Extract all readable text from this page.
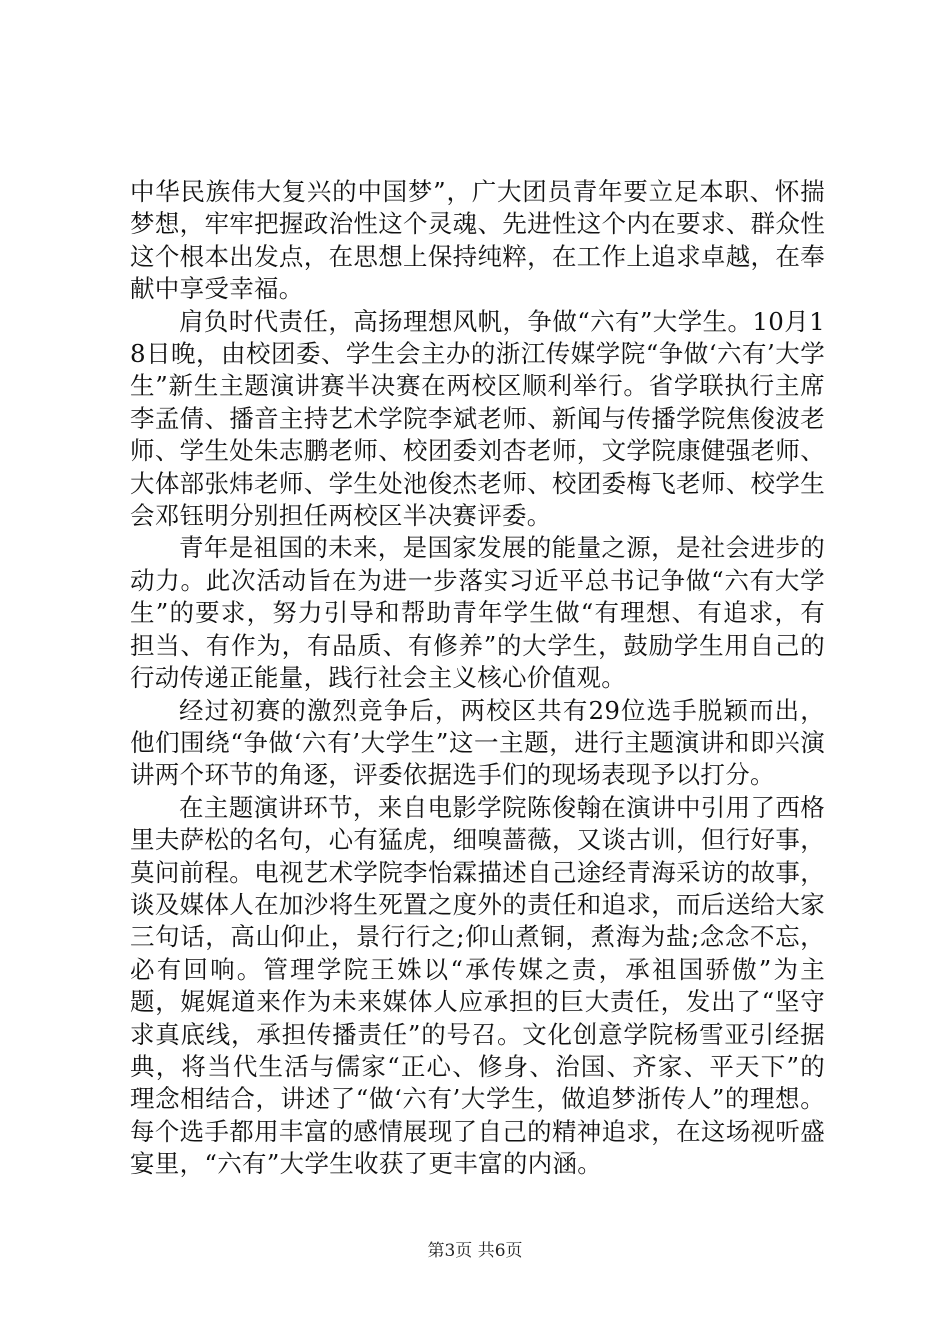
中华民族伟大复兴的中国梦”，广大团员青年要立足本职、怀揣梦想，牢牢把握政治性这个灵魂、先进性这个内在要求、群众性这个根本出发点，在思想上保持纯粹，在工作上追求卓越，在奉献中享受幸福。

肩负时代责任，高扬理想风帆，争做“六有”大学生。10月18日晚，由校团委、学生会主办的浙江传媒学院“争做‘六有’大学生”新生主题演讲赛半决赛在两校区顺利举行。省学联执行主席李孟倩、播音主持艺术学院李斌老师、新闻与传播学院焦俊波老师、学生处朱志鹏老师、校团委刘杏老师，文学院康健强老师、大体部张炜老师、学生处池俊杰老师、校团委梅飞老师、校学生会邓钰明分别担任两校区半决赛评委。

青年是祖国的未来，是国家发展的能量之源，是社会进步的动力。此次活动旨在为进一步落实习近平总书记争做“六有大学生”的要求，努力引导和帮助青年学生做“有理想、有追求，有担当、有作为，有品质、有修养”的大学生，鼓励学生用自己的行动传递正能量，践行社会主义核心价值观。

经过初赛的激烈竞争后，两校区共有29位选手脱颖而出，他们围绕“争做‘六有’大学生”这一主题，进行主题演讲和即兴演讲两个环节的角逐，评委依据选手们的现场表现予以打分。

在主题演讲环节，来自电影学院陈俊翰在演讲中引用了西格里夫萨松的名句，心有猛虎，细嗅蔷薇，又谈古训，但行好事，莫问前程。电视艺术学院李怡霖描述自己途经青海采访的故事，谈及媒体人在加沙将生死置之度外的责任和追求，而后送给大家三句话，高山仰止，景行行之;仰山煮铜，煮海为盐;念念不忘，必有回响。管理学院王姝以“承传媒之责，承祖国骄傲”为主题，娓娓道来作为未来媒体人应承担的巨大责任，发出了“坚守求真底线，承担传播责任”的号召。文化创意学院杨雪亚引经据典，将当代生活与儒家“正心、修身、治国、齐家、平天下”的理念相结合，讲述了“做‘六有’大学生，做追梦浙传人”的理想。每个选手都用丰富的感情展现了自己的精神追求，在这场视听盛宴里，“六有”大学生收获了更丰富的内涵。

第3页 共6页
